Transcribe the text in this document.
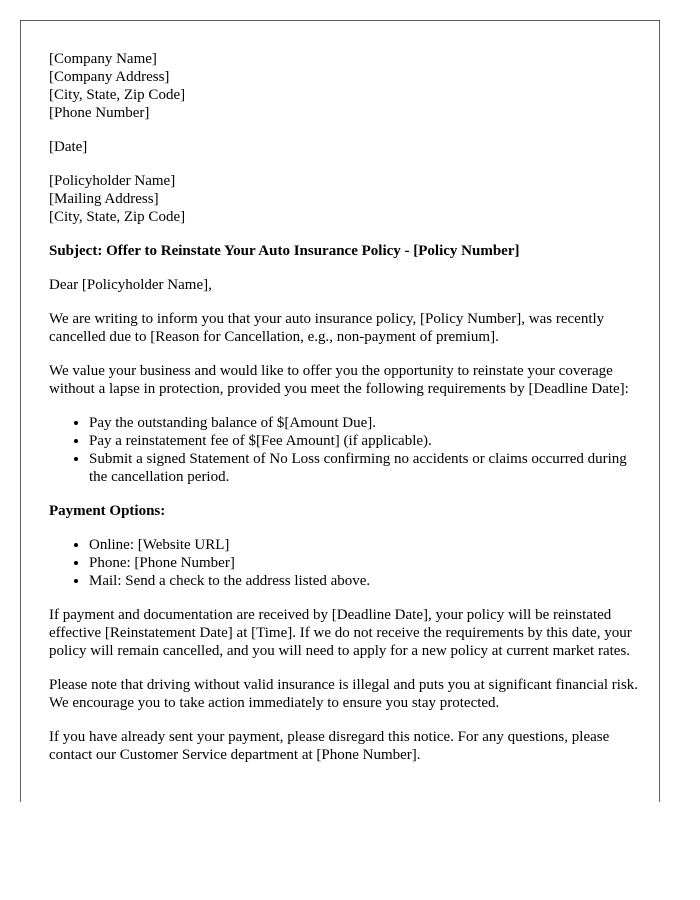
[Company Name]
[Company Address]
[City, State, Zip Code]
[Phone Number]
[Date]
[Policyholder Name]
[Mailing Address]
[City, State, Zip Code]
Subject: Offer to Reinstate Your Auto Insurance Policy - [Policy Number]

Dear [Policyholder Name],

We are writing to inform you that your auto insurance policy, [Policy Number], was recently cancelled due to [Reason for Cancellation, e.g., non-payment of premium].

We value your business and would like to offer you the opportunity to reinstate your coverage without a lapse in protection, provided you meet the following requirements by [Deadline Date]:

• Pay the outstanding balance of $[Amount Due].
• Pay a reinstatement fee of $[Fee Amount] (if applicable).
• Submit a signed Statement of No Loss confirming no accidents or claims occurred during the cancellation period.
Payment Options:
• Online: [Website URL]
• Phone: [Phone Number]
• Mail: Send a check to the address listed above.

If payment and documentation are received by [Deadline Date], your policy will be reinstated effective [Reinstatement Date] at [Time]. If we do not receive the requirements by this date, your policy will remain cancelled, and you will need to apply for a new policy at current market rates.

Please note that driving without valid insurance is illegal and puts you at significant financial risk. We encourage you to take action immediately to ensure you stay protected.

If you have already sent your payment, please disregard this notice. For any questions, please contact our Customer Service department at [Phone Number].
